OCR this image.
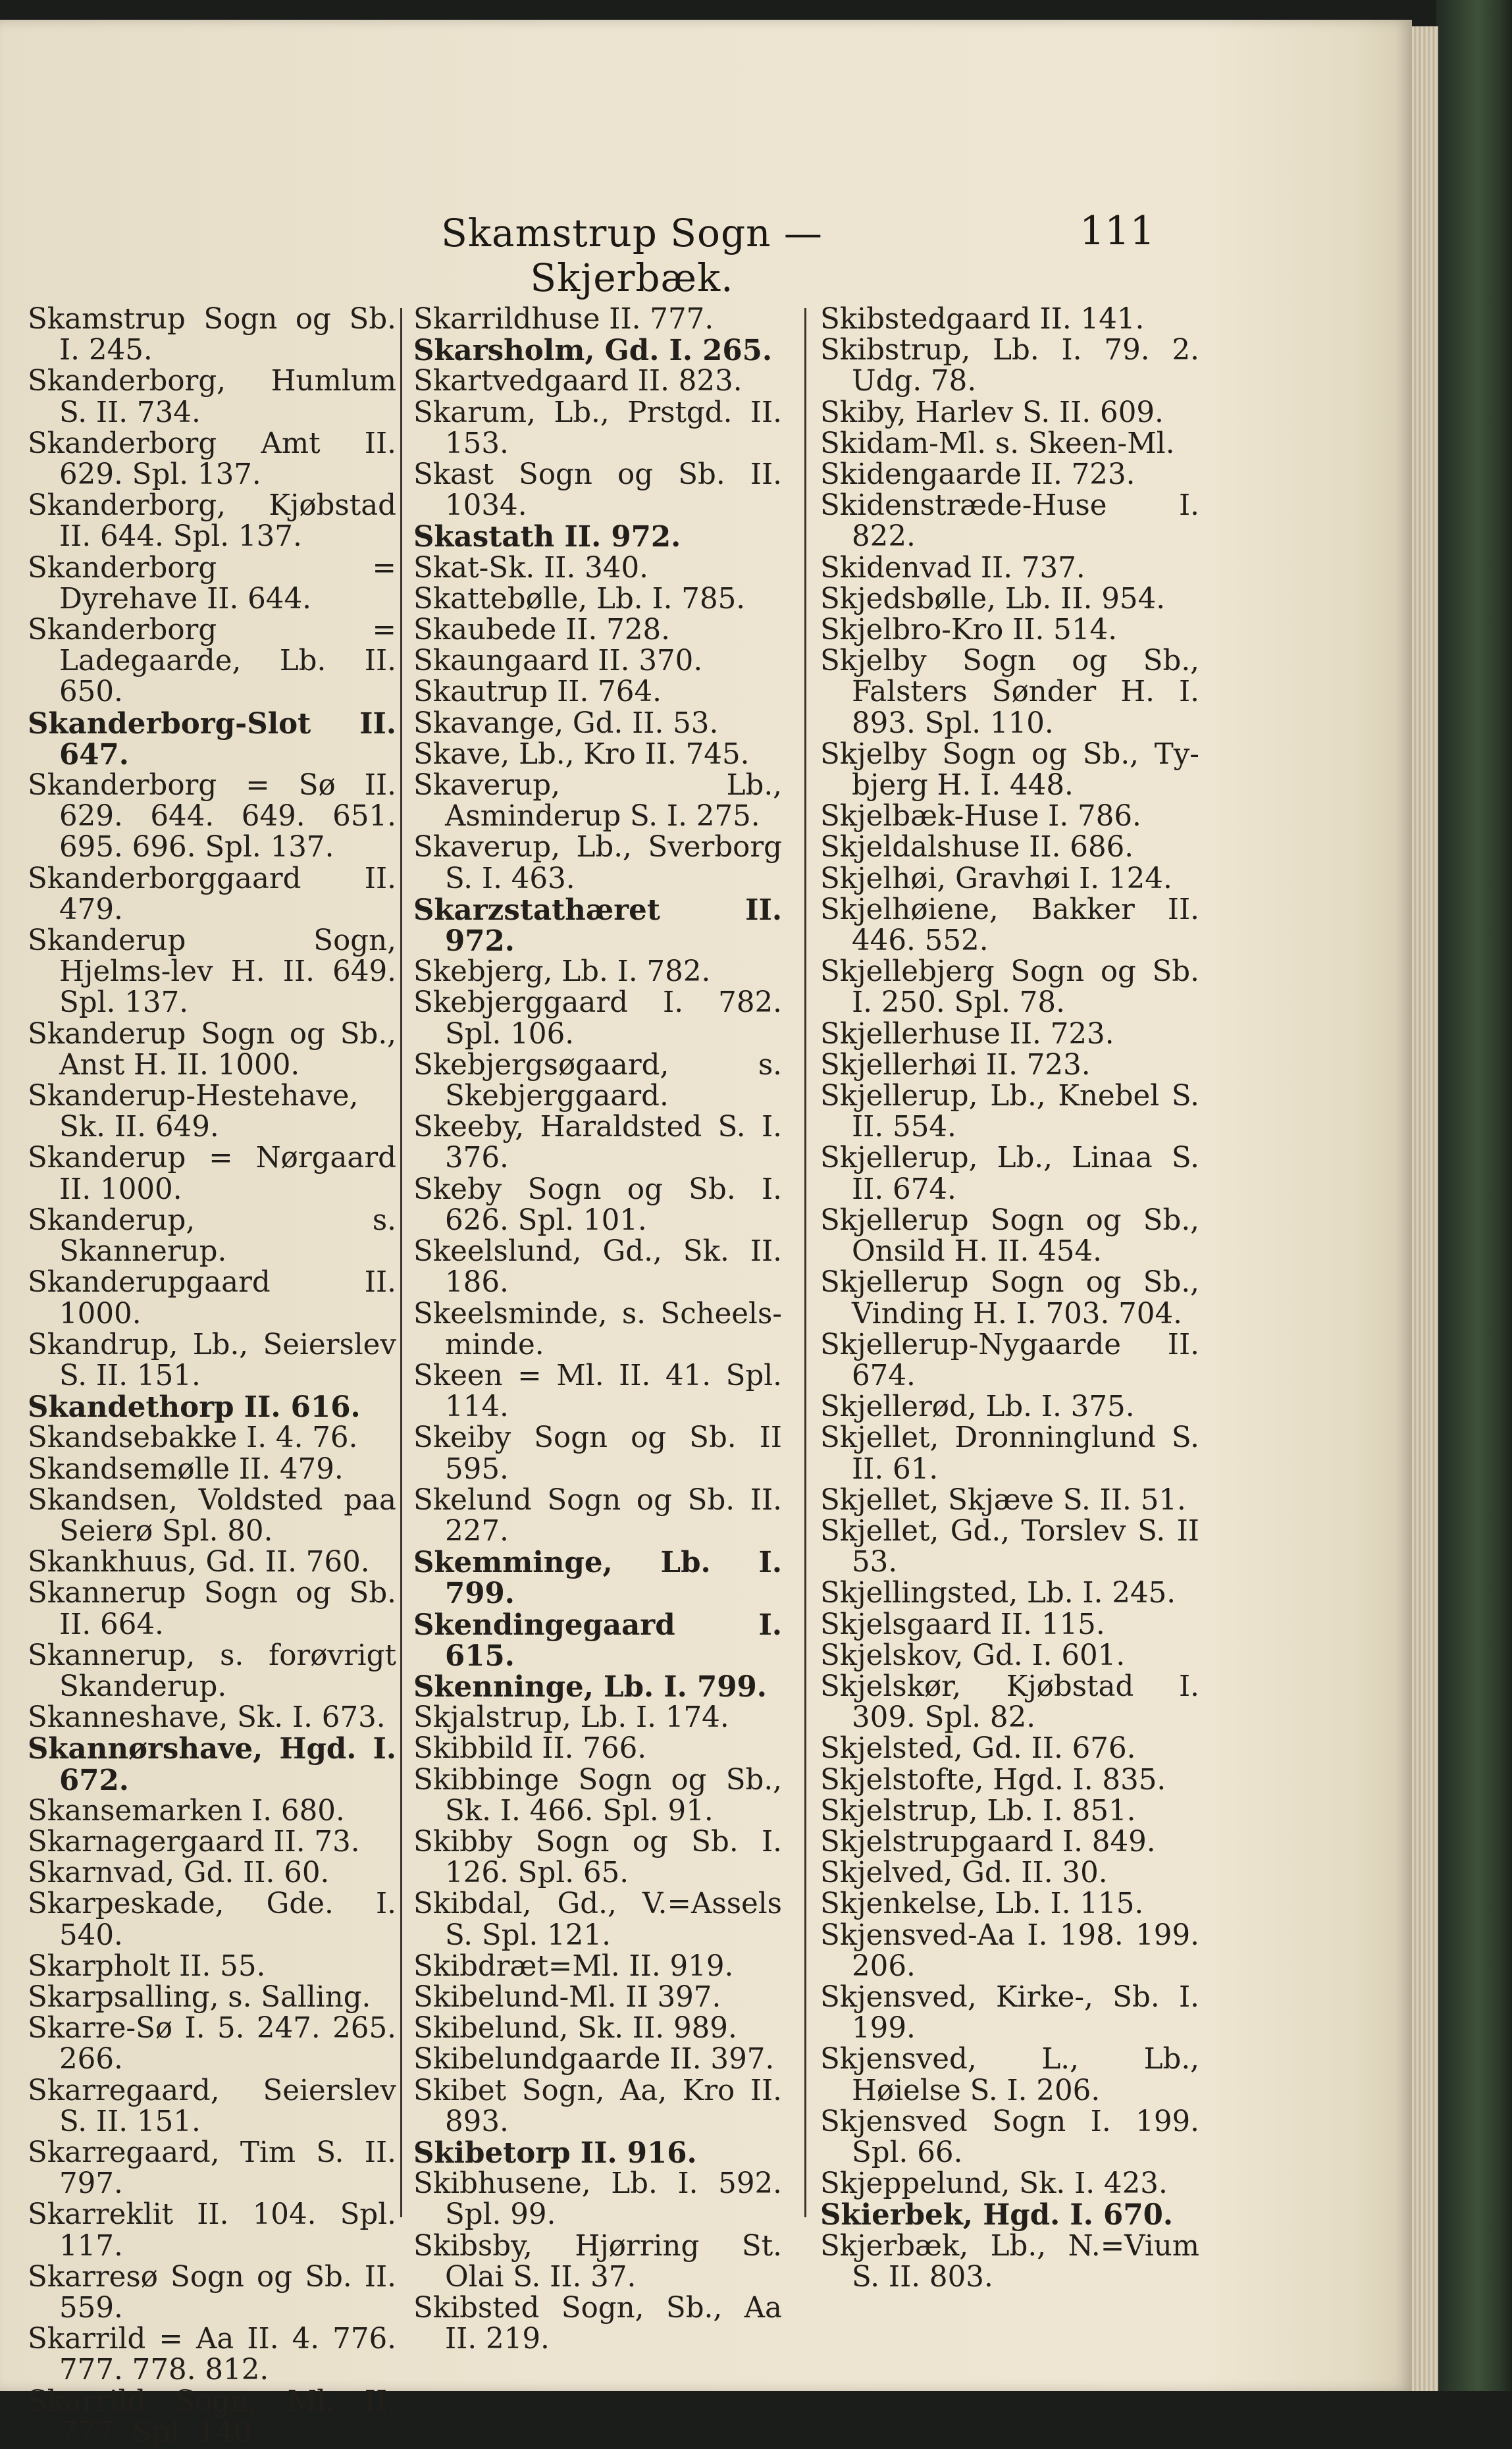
Skamstrup Sogn — Skjerbæk.
111

Skamstrup Sogn og Sb. I. 245.

Skanderborg, Humlum S. II. 734.

Skanderborg Amt II. 629. Spl. 137.

Skanderborg, Kjøbstad II. 644. Spl. 137.

Skanderborg = Dyrehave II. 644.

Skanderborg = Ladegaarde, Lb. II. 650.

Skanderborg-Slot II. 647.

Skanderborg = Sø II. 629. 644. 649. 651. 695. 696. Spl. 137.

Skanderborggaard II. 479.

Skanderup Sogn, Hjelms-lev H. II. 649. Spl. 137.

Skanderup Sogn og Sb., Anst H. II. 1000.

Skanderup-Hestehave, Sk. II. 649.

Skanderup = Nørgaard II. 1000.

Skanderup, s. Skannerup.

Skanderupgaard II. 1000.

Skandrup, Lb., Seierslev S. II. 151.

Skandethorp II. 616.

Skandsebakke I. 4. 76.

Skandsemølle II. 479.

Skandsen, Voldsted paa Seierø Spl. 80.

Skankhuus, Gd. II. 760.

Skannerup Sogn og Sb. II. 664.

Skannerup, s. forøvrigt Skanderup.

Skanneshave, Sk. I. 673.

Skannørshave, Hgd. I. 672.

Skansemarken I. 680.

Skarnagergaard II. 73.

Skarnvad, Gd. II. 60.

Skarpeskade, Gde. I. 540.

Skarpholt II. 55.

Skarpsalling, s. Salling.

Skarre-Sø I. 5. 247. 265. 266.

Skarregaard, Seierslev S. II. 151.

Skarregaard, Tim S. II. 797.

Skarreklit II. 104. Spl. 117.

Skarresø Sogn og Sb. II. 559.

Skarrild = Aa II. 4. 776. 777. 778. 812.

Skarrild Sogn, Ml. II. 777. Spl. 140.

Skarrildhuse II. 777.

Skarsholm, Gd. I. 265.

Skartvedgaard II. 823.

Skarum, Lb., Prstgd. II. 153.

Skast Sogn og Sb. II. 1034.

Skastath II. 972.

Skat-Sk. II. 340.

Skattebølle, Lb. I. 785.

Skaubede II. 728.

Skaungaard II. 370.

Skautrup II. 764.

Skavange, Gd. II. 53.

Skave, Lb., Kro II. 745.

Skaverup, Lb., Asminderup S. I. 275.

Skaverup, Lb., Sverborg S. I. 463.

Skarzstathæret II. 972.

Skebjerg, Lb. I. 782.

Skebjerggaard I. 782. Spl. 106.

Skebjergsøgaard, s. Skebjerggaard.

Skeeby, Haraldsted S. I. 376.

Skeby Sogn og Sb. I. 626. Spl. 101.

Skeelslund, Gd., Sk. II. 186.

Skeelsminde, s. Scheels-minde.

Skeen = Ml. II. 41. Spl. 114.

Skeiby Sogn og Sb. II 595.

Skelund Sogn og Sb. II. 227.

Skemminge, Lb. I. 799.

Skendingegaard I. 615.

Skenninge, Lb. I. 799.

Skjalstrup, Lb. I. 174.

Skibbild II. 766.

Skibbinge Sogn og Sb., Sk. I. 466. Spl. 91.

Skibby Sogn og Sb. I. 126. Spl. 65.

Skibdal, Gd., V.=Assels S. Spl. 121.

Skibdræt=Ml. II. 919.

Skibelund-Ml. II 397.

Skibelund, Sk. II. 989.

Skibelundgaarde II. 397.

Skibet Sogn, Aa, Kro II. 893.

Skibetorp II. 916.

Skibhusene, Lb. I. 592. Spl. 99.

Skibsby, Hjørring St. Olai S. II. 37.

Skibsted Sogn, Sb., Aa II. 219.

Skibstedgaard II. 141.

Skibstrup, Lb. I. 79. 2. Udg. 78.

Skiby, Harlev S. II. 609.

Skidam-Ml. s. Skeen-Ml.

Skidengaarde II. 723.

Skidenstræde-Huse I. 822.

Skidenvad II. 737.

Skjedsbølle, Lb. II. 954.

Skjelbro-Kro II. 514.

Skjelby Sogn og Sb., Falsters Sønder H. I. 893. Spl. 110.

Skjelby Sogn og Sb., Ty-bjerg H. I. 448.

Skjelbæk-Huse I. 786.

Skjeldalshuse II. 686.

Skjelhøi, Gravhøi I. 124.

Skjelhøiene, Bakker II. 446. 552.

Skjellebjerg Sogn og Sb. I. 250. Spl. 78.

Skjellerhuse II. 723.

Skjellerhøi II. 723.

Skjellerup, Lb., Knebel S. II. 554.

Skjellerup, Lb., Linaa S. II. 674.

Skjellerup Sogn og Sb., Onsild H. II. 454.

Skjellerup Sogn og Sb., Vinding H. I. 703. 704.

Skjellerup-Nygaarde II. 674.

Skjellerød, Lb. I. 375.

Skjellet, Dronninglund S. II. 61.

Skjellet, Skjæve S. II. 51.

Skjellet, Gd., Torslev S. II 53.

Skjellingsted, Lb. I. 245.

Skjelsgaard II. 115.

Skjelskov, Gd. I. 601.

Skjelskør, Kjøbstad I. 309. Spl. 82.

Skjelsted, Gd. II. 676.

Skjelstofte, Hgd. I. 835.

Skjelstrup, Lb. I. 851.

Skjelstrupgaard I. 849.

Skjelved, Gd. II. 30.

Skjenkelse, Lb. I. 115.

Skjensved-Aa I. 198. 199. 206.

Skjensved, Kirke-, Sb. I. 199.

Skjensved, L., Lb., Høielse S. I. 206.

Skjensved Sogn I. 199. Spl. 66.

Skjeppelund, Sk. I. 423.

Skierbek, Hgd. I. 670.

Skjerbæk, Lb., N.=Vium S. II. 803.
